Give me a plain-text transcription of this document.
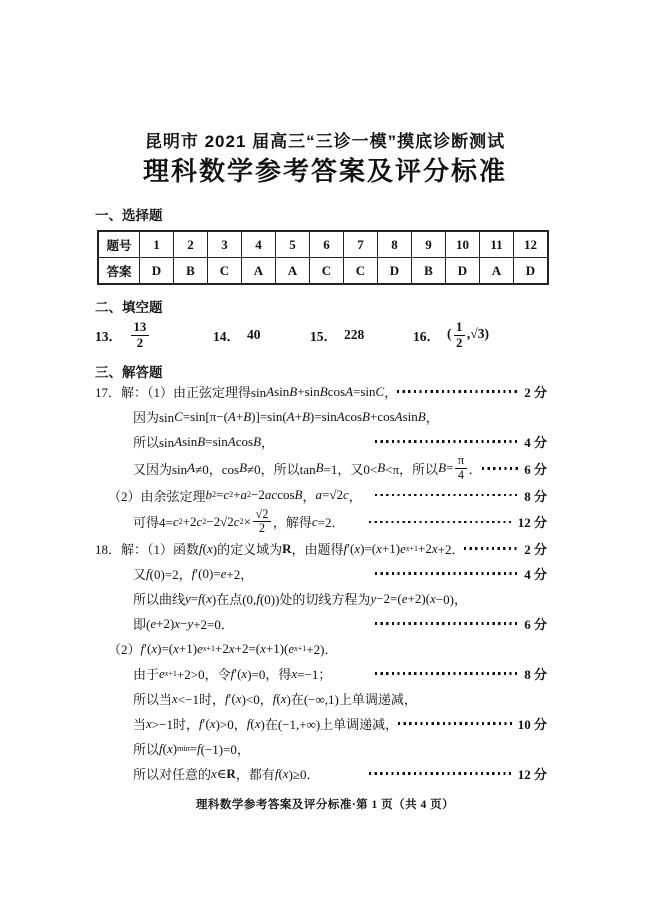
昆明市 2021 届高三“三诊一模”摸底诊断测试
理科数学参考答案及评分标准
一、选择题
题号	1	2	3	4	5	6	7	8	9	10	11	12
答案	D	B	C	A	A	C	C	D	B	D	A	D
二、填空题
13． $\frac{13}{2}$	14． 40	15． 228	16． ( $\frac{1}{2} ,√3$)
三、解答题
17．解：（1）由正弦定理得sin A sin B +sin B cos A =sin C ，	2 分
因为sin C =sin[π−( A + B )]=sin( A + B )=sin A cos B +cos A sin B ，
所以sin A sin B =sin A cos B ，	4 分
又因为sin A ≠0，cos B ≠0，所以tan B =1，又0< B <π，所以 $B = \frac{\pi}{4}$ ．	6 分
（2）由余弦定理 b 2 = c 2 + a 2 −2 a c cos B ， a =√2 c ，	8 分
可得4= c 2 +2 c 2 −2√2 c $2 \times \frac{√2}{2}$ ，解得 c =2．	12 分
18．解：（1）函数 f ( x )的定义域为 R ，由题得 f ′( x )=( x +1) e x+1 +2 x +2．	2 分
又 f (0)=2， f ′(0)= e +2，	4 分
所以曲线 y = f ( x )在点(0, f (0))处的切线方程为 y −2=( e +2)( x −0)，
即( e +2) x − y +2=0．	6 分
（2） f ′( x )=( x +1) e x+1 +2 x +2=( x +1)( e x+1 +2)．
由于 e x+1 +2>0，令 f ′( x )=0，得 x =−1；	8 分
所以当 x <−1时， f ′( x )<0， f ( x )在(−∞,1)上单调递减，
当 x >−1时， f ′( x )>0， f ( x )在(−1,+∞)上单调递减，	10 分
所以 f ( x ) min = f (−1)=0，
所以对任意的 x ∈ R ，都有 f ( x )≥0．	12 分
理科数学参考答案及评分标准·第 1 页（共 4 页）
